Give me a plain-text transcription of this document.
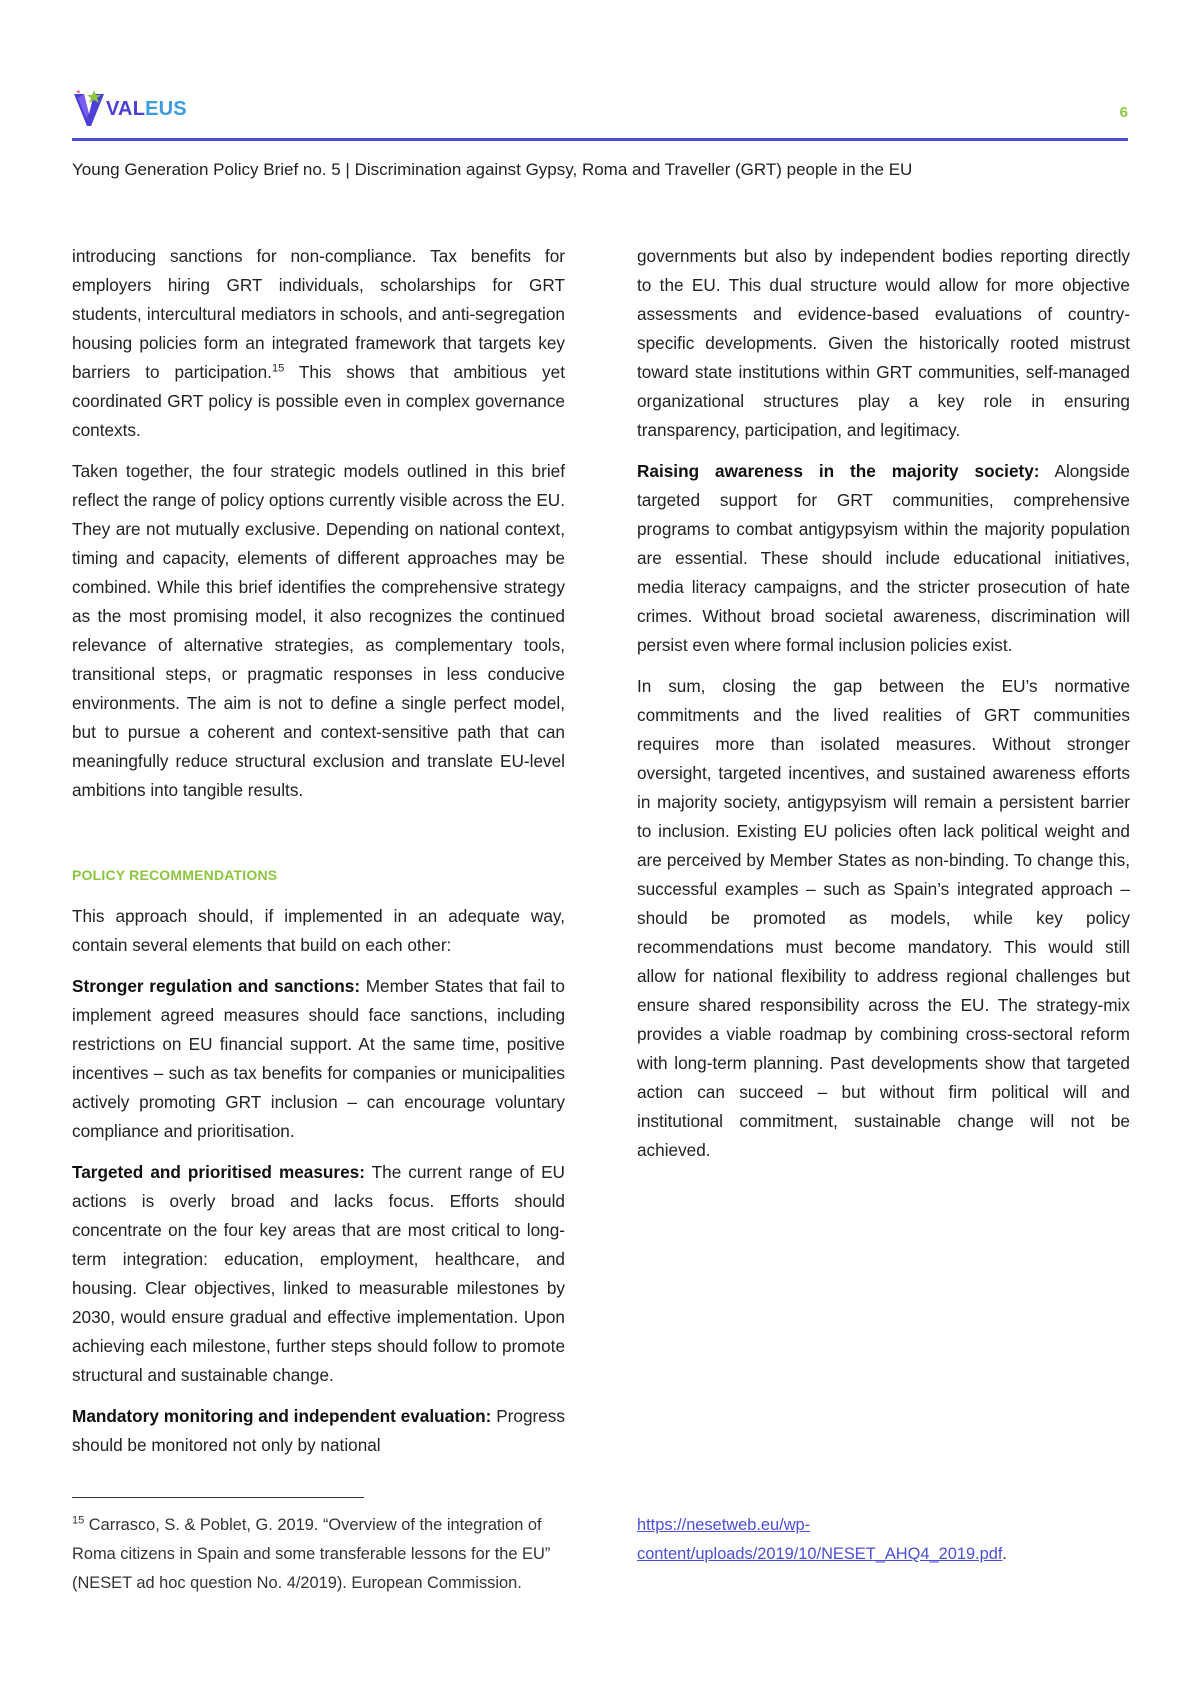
VALEUS	6
Young Generation Policy Brief no. 5 | Discrimination against Gypsy, Roma and Traveller (GRT) people in the EU

introducing sanctions for non-compliance. Tax benefits for employers hiring GRT individuals, scholarships for GRT students, intercultural mediators in schools, and anti-segregation housing policies form an integrated framework that targets key barriers to participation.$^{15}$ This shows that ambitious yet coordinated GRT policy is possible even in complex governance contexts.

Taken together, the four strategic models outlined in this brief reflect the range of policy options currently visible across the EU. They are not mutually exclusive. Depending on national context, timing and capacity, elements of different approaches may be combined. While this brief identifies the comprehensive strategy as the most promising model, it also recognizes the continued relevance of alternative strategies, as complementary tools, transitional steps, or pragmatic responses in less conducive environments. The aim is not to define a single perfect model, but to pursue a coherent and context-sensitive path that can meaningfully reduce structural exclusion and translate EU-level ambitions into tangible results.

POLICY RECOMMENDATIONS

This approach should, if implemented in an adequate way, contain several elements that build on each other:

Stronger regulation and sanctions: Member States that fail to implement agreed measures should face sanctions, including restrictions on EU financial support. At the same time, positive incentives – such as tax benefits for companies or municipalities actively promoting GRT inclusion – can encourage voluntary compliance and prioritisation.

Targeted and prioritised measures: The current range of EU actions is overly broad and lacks focus. Efforts should concentrate on the four key areas that are most critical to long-term integration: education, employment, healthcare, and housing. Clear objectives, linked to measurable milestones by 2030, would ensure gradual and effective implementation. Upon achieving each milestone, further steps should follow to promote structural and sustainable change.

Mandatory monitoring and independent evaluation: Progress should be monitored not only by national

governments but also by independent bodies reporting directly to the EU. This dual structure would allow for more objective assessments and evidence-based evaluations of country-specific developments. Given the historically rooted mistrust toward state institutions within GRT communities, self-managed organizational structures play a key role in ensuring transparency, participation, and legitimacy.

Raising awareness in the majority society: Alongside targeted support for GRT communities, comprehensive programs to combat antigypsyism within the majority population are essential. These should include educational initiatives, media literacy campaigns, and the stricter prosecution of hate crimes. Without broad societal awareness, discrimination will persist even where formal inclusion policies exist.

In sum, closing the gap between the EU’s normative commitments and the lived realities of GRT communities requires more than isolated measures. Without stronger oversight, targeted incentives, and sustained awareness efforts in majority society, antigypsyism will remain a persistent barrier to inclusion. Existing EU policies often lack political weight and are perceived by Member States as non-binding. To change this, successful examples – such as Spain’s integrated approach – should be promoted as models, while key policy recommendations must become mandatory. This would still allow for national flexibility to address regional challenges but ensure shared responsibility across the EU. The strategy-mix provides a viable roadmap by combining cross-sectoral reform with long-term planning. Past developments show that targeted action can succeed – but without firm political will and institutional commitment, sustainable change will not be achieved.

$^{15}$ Carrasco, S. & Poblet, G. 2019. “Overview of the integration of
Roma citizens in Spain and some transferable lessons for the EU”
(NESET ad hoc question No. 4/2019). European Commission.
https://nesetweb.eu/wp-
content/uploads/2019/10/NESET_AHQ4_2019.pdf.
